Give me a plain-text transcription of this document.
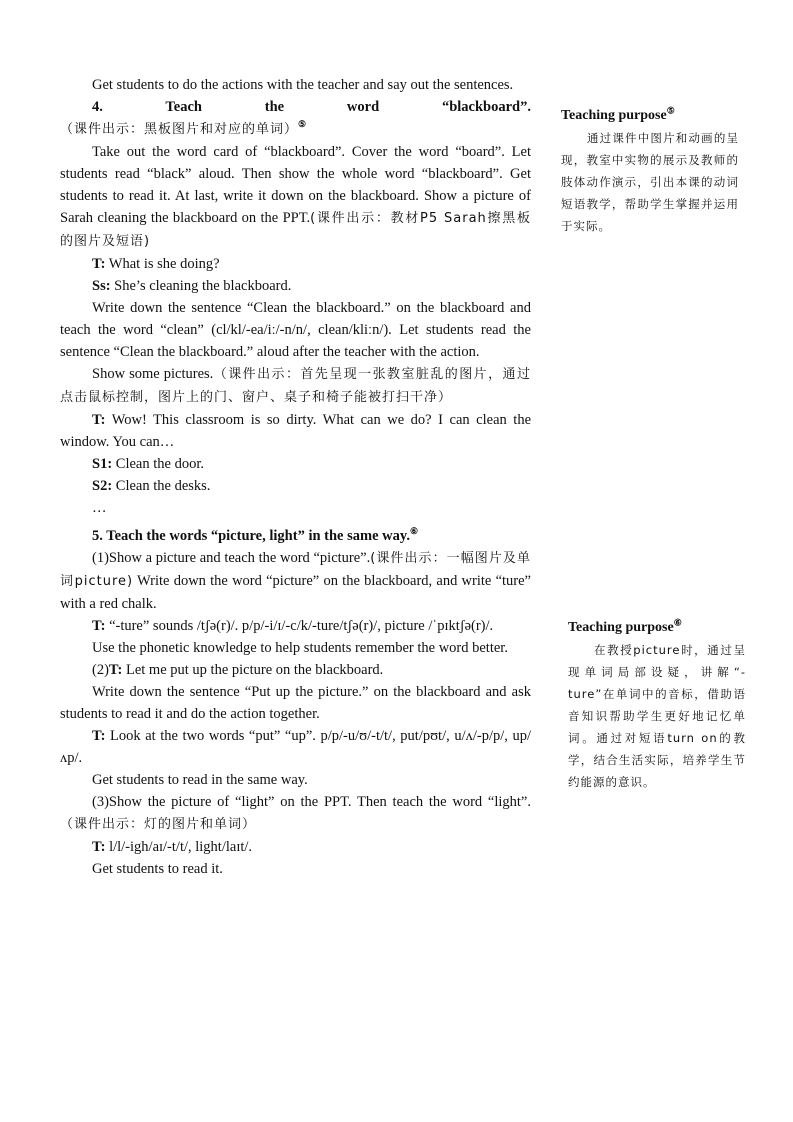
Get students to do the actions with the teacher and say out the sentences.

4. Teach the word “blackboard”.（课件出示：黑板图片和对应的单词）⑤

Take out the word card of “blackboard”. Cover the word “board”. Let students read “black” aloud. Then show the whole word “blackboard”. Get students to read it. At last, write it down on the blackboard. Show a picture of Sarah cleaning the blackboard on the PPT.(课件出示：教材P5 Sarah擦黑板的图片及短语)

T: What is she doing?

Ss: She’s cleaning the blackboard.

Write down the sentence “Clean the blackboard.” on the blackboard and teach the word “clean” (cl/kl/-ea/iː/-n/n/, clean/kliːn/). Let students read the sentence “Clean the blackboard.” aloud after the teacher with the action.

Show some pictures.（课件出示：首先呈现一张教室脏乱的图片，通过点击鼠标控制，图片上的门、窗户、桌子和椅子能被打扫干净）

T: Wow! This classroom is so dirty. What can we do? I can clean the window. You can…

S1: Clean the door.

S2: Clean the desks.

…

5. Teach the words “picture, light” in the same way.⑥

(1)Show a picture and teach the word “picture”.(课件出示：一幅图片及单词picture) Write down the word “picture” on the blackboard, and write “ture” with a red chalk.

T: “-ture” sounds /tʃə(r)/. p/p/-i/ɪ/-c/k/-ture/tʃə(r)/, picture /ˈpɪktʃə(r)/.

Use the phonetic knowledge to help students remember the word better.

(2)T: Let me put up the picture on the blackboard.

Write down the sentence “Put up the picture.” on the blackboard and ask students to read it and do the action together.

T: Look at the two words “put” “up”. p/p/-u/ʊ/-t/t/, put/pʊt/, u/ʌ/-p/p/, up/ʌp/.

Get students to read in the same way.

(3)Show the picture of “light” on the PPT. Then teach the word “light”.（课件出示：灯的图片和单词）

T: l/l/-igh/aɪ/-t/t/, light/laɪt/.

Get students to read it.

Teaching purpose⑤

通过课件中图片和动画的呈现，教室中实物的展示及教师的肢体动作演示，引出本课的动词短语教学，帮助学生掌握并运用于实际。

Teaching purpose⑥

在教授picture时，通过呈现单词局部设疑，讲解“-ture”在单词中的音标，借助语音知识帮助学生更好地记忆单词。通过对短语turn on的教学，结合生活实际，培养学生节约能源的意识。
